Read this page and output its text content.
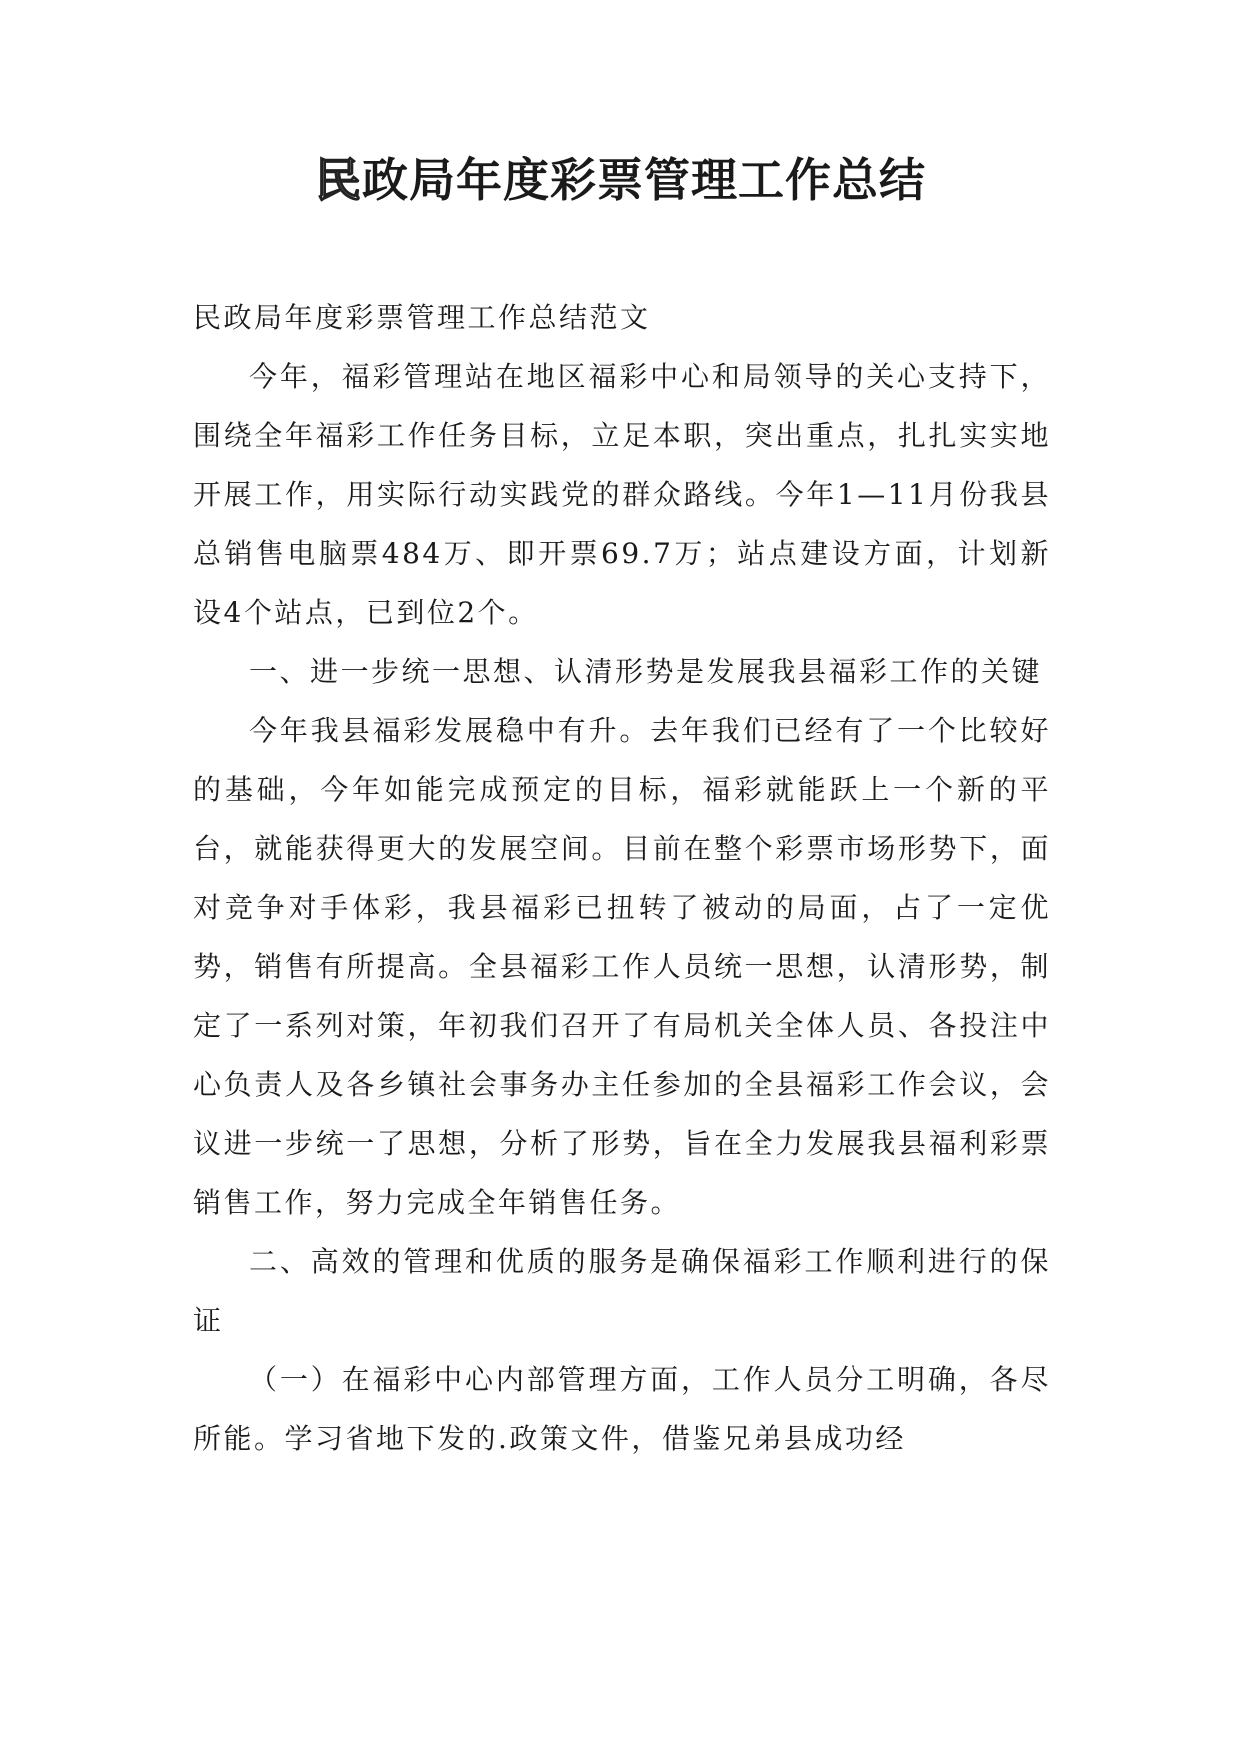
民政局年度彩票管理工作总结

民政局年度彩票管理工作总结范文

今年，福彩管理站在地区福彩中心和局领导的关心支持下，围绕全年福彩工作任务目标，立足本职，突出重点，扎扎实实地开展工作，用实际行动实践党的群众路线。今年1—11月份我县总销售电脑票484万、即开票69.7万；站点建设方面，计划新设4个站点，已到位2个。

一、进一步统一思想、认清形势是发展我县福彩工作的关键

今年我县福彩发展稳中有升。去年我们已经有了一个比较好的基础，今年如能完成预定的目标，福彩就能跃上一个新的平台，就能获得更大的发展空间。目前在整个彩票市场形势下，面对竞争对手体彩，我县福彩已扭转了被动的局面，占了一定优势，销售有所提高。全县福彩工作人员统一思想，认清形势，制定了一系列对策，年初我们召开了有局机关全体人员、各投注中心负责人及各乡镇社会事务办主任参加的全县福彩工作会议，会议进一步统一了思想，分析了形势，旨在全力发展我县福利彩票销售工作，努力完成全年销售任务。

二、高效的管理和优质的服务是确保福彩工作顺利进行的保证

（一）在福彩中心内部管理方面，工作人员分工明确，各尽所能。学习省地下发的.政策文件，借鉴兄弟县成功经
